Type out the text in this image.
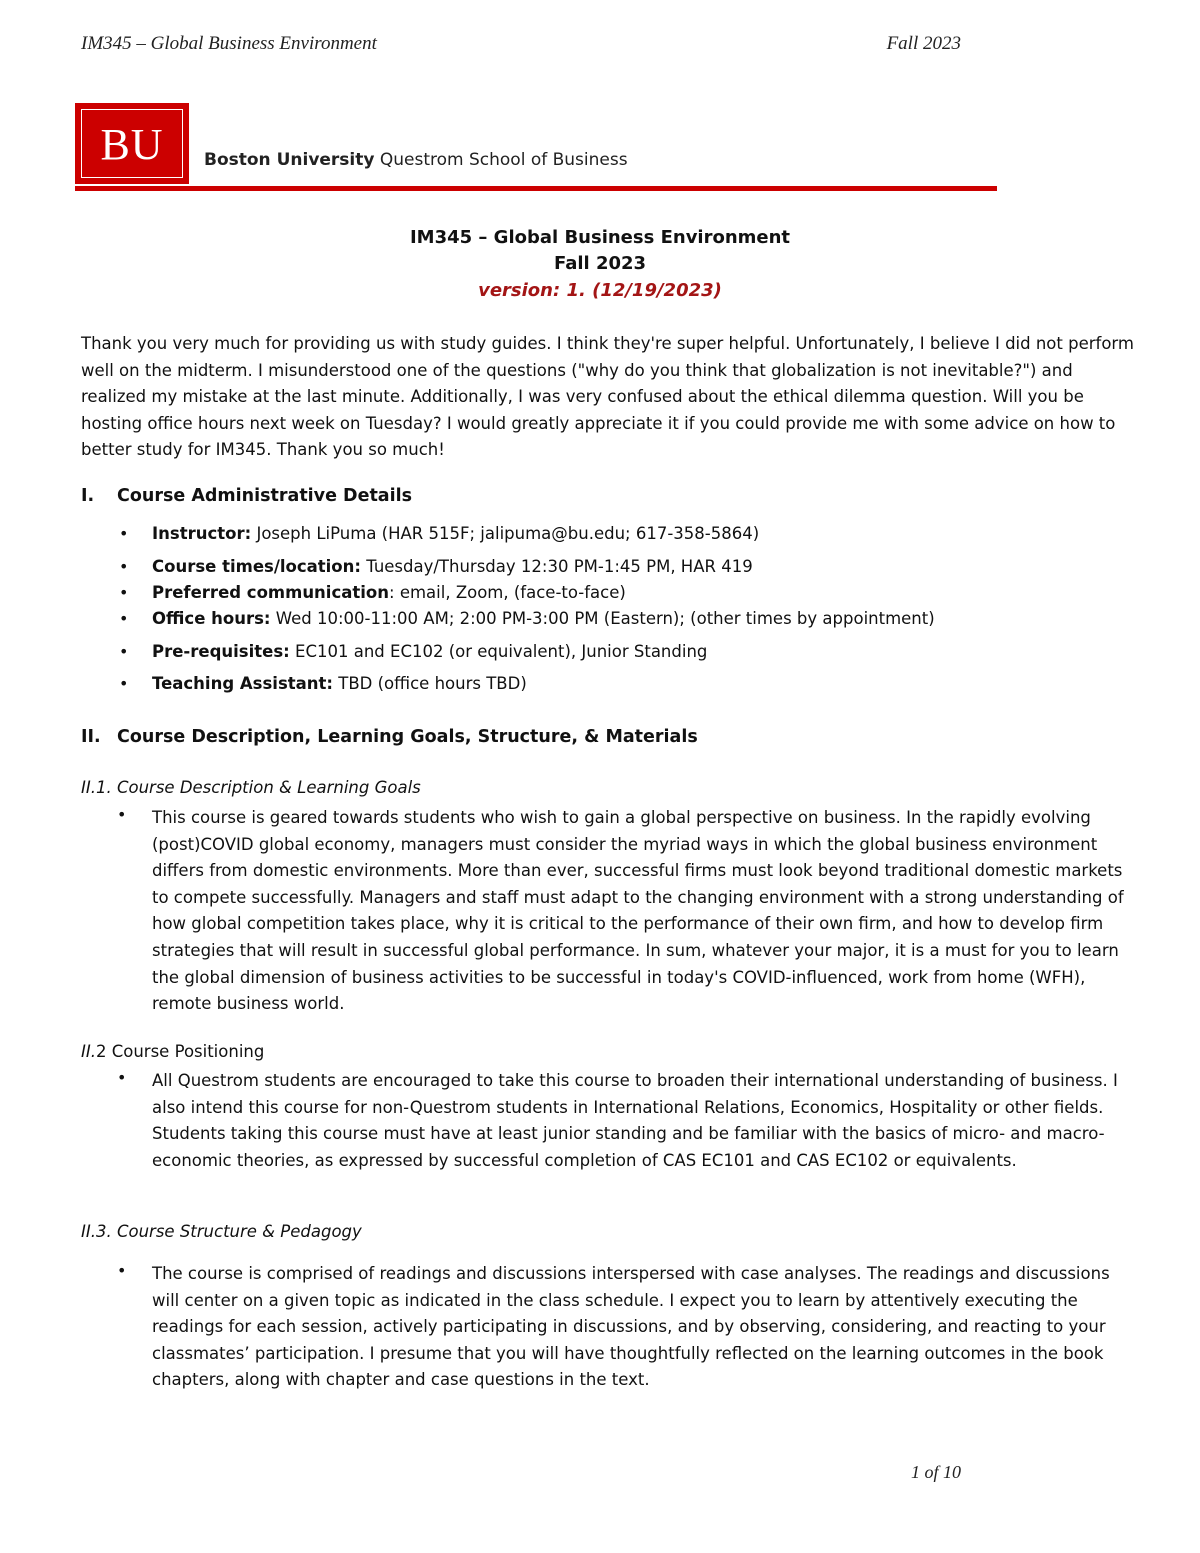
IM345 – Global Business Environment	Fall 2023
BU	Boston University Questrom School of Business
IM345 – Global Business Environment
Fall 2023
version: 1. (12/19/2023)
Thank you very much for providing us with study guides. I think they're super helpful. Unfortunately, I believe I did not perform well on the midterm. I misunderstood one of the questions ("why do you think that globalization is not inevitable?") and realized my mistake at the last minute. Additionally, I was very confused about the ethical dilemma question. Will you be hosting office hours next week on Tuesday? I would greatly appreciate it if you could provide me with some advice on how to better study for IM345. Thank you so much!
I. Course Administrative Details
• Instructor: Joseph LiPuma (HAR 515F; jalipuma@bu.edu; 617-358-5864)
• Course times/location: Tuesday/Thursday 12:30 PM-1:45 PM, HAR 419
• Preferred communication: email, Zoom, (face-to-face)
• Office hours: Wed 10:00-11:00 AM; 2:00 PM-3:00 PM (Eastern); (other times by appointment)
• Pre-requisites: EC101 and EC102 (or equivalent), Junior Standing
• Teaching Assistant: TBD (office hours TBD)
II. Course Description, Learning Goals, Structure, & Materials
II.1. Course Description & Learning Goals
• This course is geared towards students who wish to gain a global perspective on business. In the rapidly evolving (post)COVID global economy, managers must consider the myriad ways in which the global business environment differs from domestic environments. More than ever, successful firms must look beyond traditional domestic markets to compete successfully. Managers and staff must adapt to the changing environment with a strong understanding of how global competition takes place, why it is critical to the performance of their own firm, and how to develop firm strategies that will result in successful global performance. In sum, whatever your major, it is a must for you to learn the global dimension of business activities to be successful in today's COVID-influenced, work from home (WFH), remote business world.
II.2 Course Positioning
• All Questrom students are encouraged to take this course to broaden their international understanding of business. I also intend this course for non-Questrom students in International Relations, Economics, Hospitality or other fields. Students taking this course must have at least junior standing and be familiar with the basics of micro- and macro-economic theories, as expressed by successful completion of CAS EC101 and CAS EC102 or equivalents.
II.3. Course Structure & Pedagogy
• The course is comprised of readings and discussions interspersed with case analyses. The readings and discussions will center on a given topic as indicated in the class schedule. I expect you to learn by attentively executing the readings for each session, actively participating in discussions, and by observing, considering, and reacting to your classmates’ participation. I presume that you will have thoughtfully reflected on the learning outcomes in the book chapters, along with chapter and case questions in the text.
1 of 10
